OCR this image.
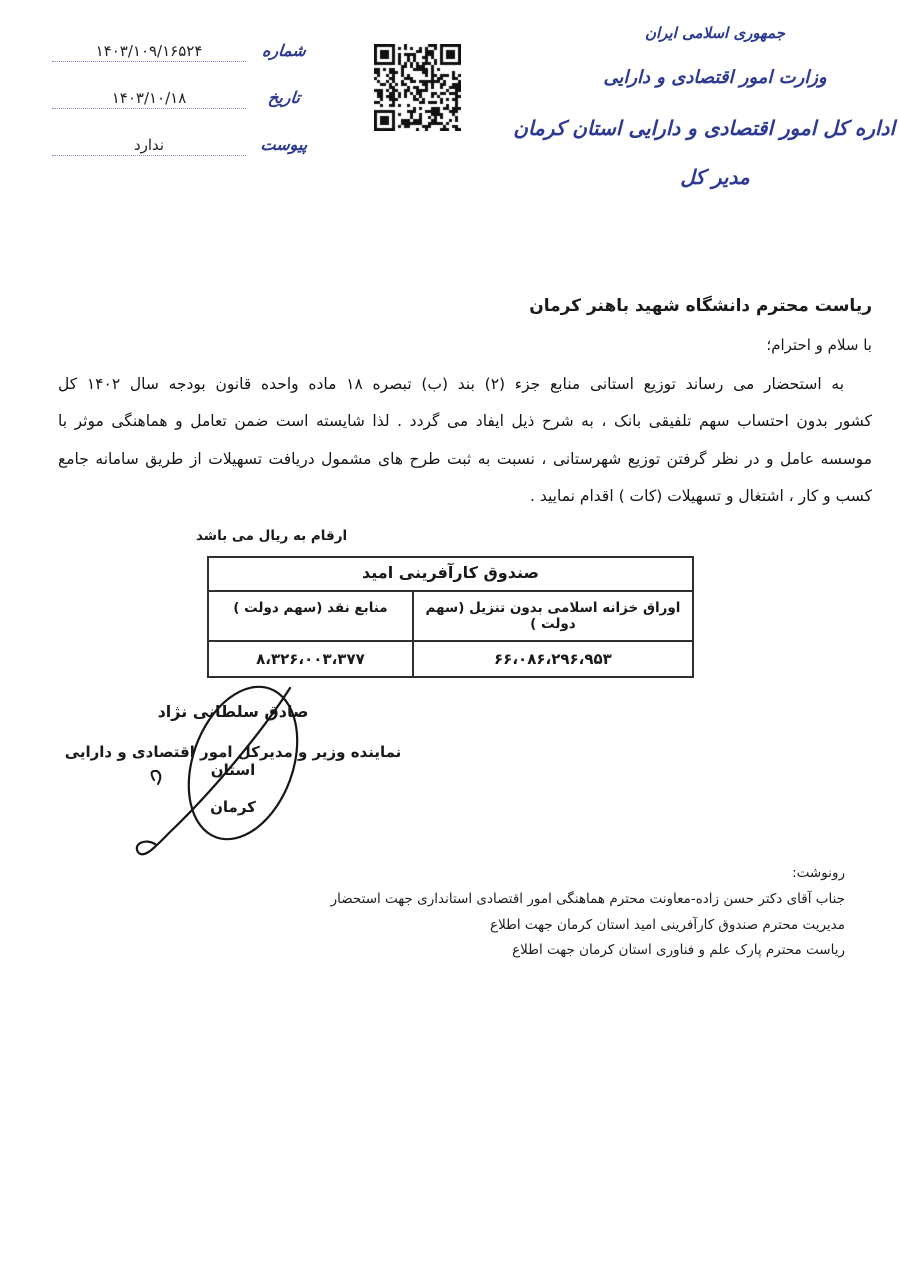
جمهوری اسلامی ایران
وزارت امور اقتصادی و دارایی
اداره کل امور اقتصادی و دارایی استان کرمان
مدیر کل
شماره
۱۴۰۳/۱۰۹/۱۶۵۲۴
تاریخ
۱۴۰۳/۱۰/۱۸
پیوست
ندارد
ریاست محترم دانشگاه شهید باهنر کرمان
با سلام و احترام؛
به استحضار می رساند توزیع استانی منابع جزء (۲) بند (ب) تبصره ۱۸ ماده واحده قانون بودجه سال ۱۴۰۲ کل
کشور بدون احتساب سهم تلفیقی بانک ، به شرح ذیل ایفاد می گردد . لذا شایسته است ضمن تعامل و هماهنگی موثر با
موسسه عامل و در نظر گرفتن توزیع شهرستانی ، نسبت به ثبت طرح های مشمول دریافت تسهیلات از طریق سامانه جامع
کسب و کار ، اشتغال و تسهیلات (کات ) اقدام نمایید .
ارقام به ریال می باشد
صندوق کارآفرینی امید
اوراق خزانه اسلامی بدون تنزیل (سهم دولت )
منابع نقد (سهم دولت )
۶۶،۰۸۶،۲۹۶،۹۵۳
۸،۳۲۶،۰۰۳،۳۷۷
صادق سلطانی نژاد
نماینده وزیر و مدیرکل امور اقتصادی و دارایی استان
کرمان
رونوشت:
جناب آقای دکتر حسن زاده-معاونت محترم هماهنگی امور اقتصادی استانداری جهت استحضار
مدیریت محترم صندوق کارآفرینی امید استان کرمان جهت اطلاع
ریاست محترم پارک علم و فناوری استان کرمان جهت اطلاع
